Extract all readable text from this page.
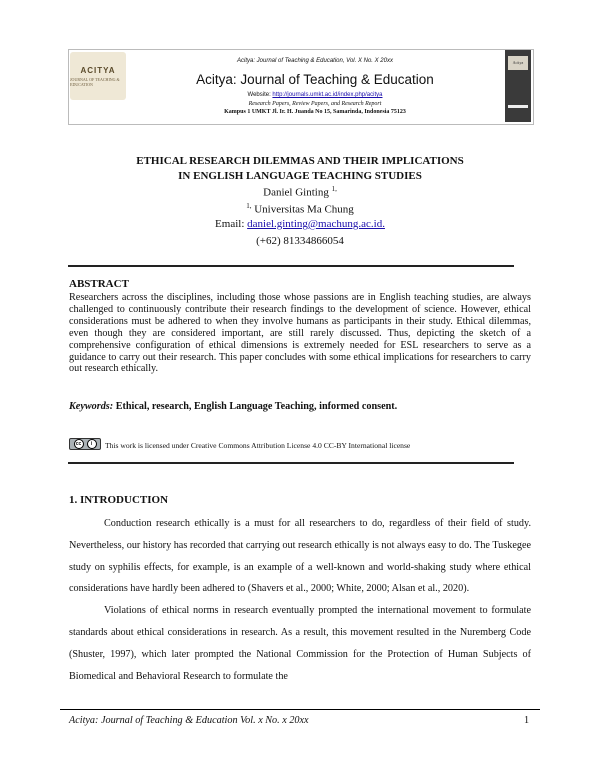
ACITYA
JOURNAL OF TEACHING & EDUCATION
Acitya
Acitya: Journal of Teaching & Education, Vol. X No. X 20xx
Acitya: Journal of Teaching & Education
Website: http://journals.umkt.ac.id/index.php/acitya
Research Papers, Review Papers, and Research Report
Kampus 1 UMKT Jl. Ir. H. Juanda No 15, Samarinda, Indonesia 75123
ETHICAL RESEARCH DILEMMAS AND THEIR IMPLICATIONS
IN ENGLISH LANGUAGE TEACHING STUDIES
Daniel Ginting $^{1,}$
$^{1,}$ Universitas Ma Chung
Email: daniel.ginting@machung.ac.id.
(+62) 81334866054
ABSTRACT
Researchers across the disciplines, including those whose passions are in English teaching studies, are always challenged to continuously contribute their research findings to the development of science. However, ethical considerations must be adhered to when they involve humans as participants in their study. Ethical dilemmas, even though they are considered important, are still rarely discussed. Thus, depicting the sketch of a comprehensive configuration of ethical dimensions is extremely needed for ESL researchers to serve as a guidance to carry out their research. This paper concludes with some ethical implications for researchers to carry out research ethically.
Keywords: Ethical, research, English Language Teaching, informed consent.
cc	i	This work is licensed under Creative Commons Attribution License 4.0 CC-BY International license
1. INTRODUCTION

Conduction research ethically is a must for all researchers to do, regardless of their field of study. Nevertheless, our history has recorded that carrying out research ethically is not always easy to do. The Tuskegee study on syphilis effects, for example, is an example of a well-known and world-shaking study where ethical considerations have hardly been adhered to (Shavers et al., 2000; White, 2000; Alsan et al., 2020).

Violations of ethical norms in research eventually prompted the international movement to formulate standards about ethical considerations in research. As a result, this movement resulted in the Nuremberg Code (Shuster, 1997), which later prompted the National Commission for the Protection of Human Subjects of Biomedical and Behavioral Research to formulate the

Acitya: Journal of Teaching & Education Vol. x No. x 20xx	1
